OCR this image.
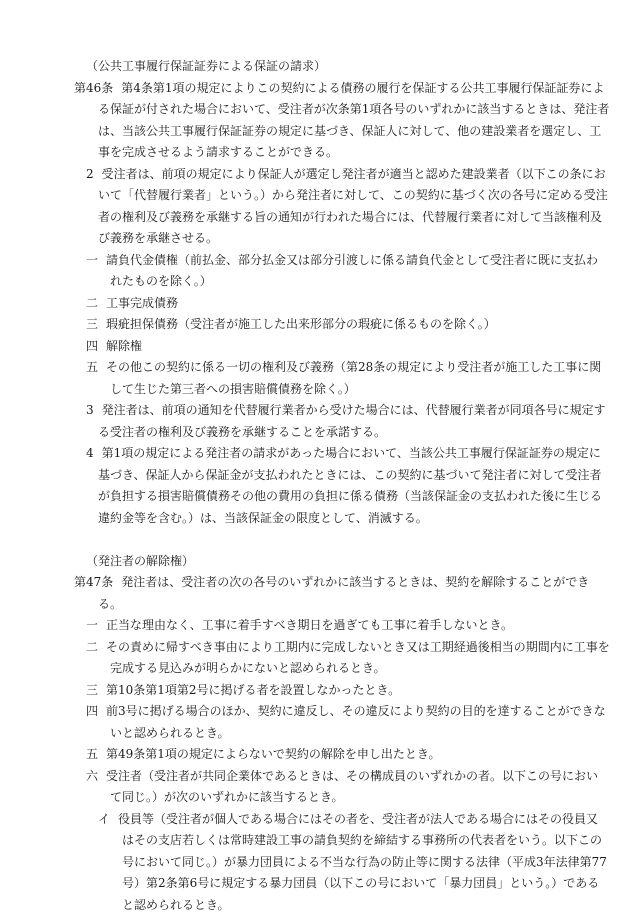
（公共工事履行保証証券による保証の請求）

第46条 第4条第1項の規定によりこの契約による債務の履行を保証する公共工事履行保証証券による保証が付された場合において、受注者が次条第1項各号のいずれかに該当するときは、発注者は、当該公共工事履行保証証券の規定に基づき、保証人に対して、他の建設業者を選定し、工事を完成させるよう請求することができる。

2 受注者は、前項の規定により保証人が選定し発注者が適当と認めた建設業者（以下この条において「代替履行業者」という。）から発注者に対して、この契約に基づく次の各号に定める受注者の権利及び義務を承継する旨の通知が行われた場合には、代替履行業者に対して当該権利及び義務を承継させる。

一 請負代金債権（前払金、部分払金又は部分引渡しに係る請負代金として受注者に既に支払われたものを除く。）

二 工事完成債務

三 瑕疵担保債務（受注者が施工した出来形部分の瑕疵に係るものを除く。）

四 解除権

五 その他この契約に係る一切の権利及び義務（第28条の規定により受注者が施工した工事に関して生じた第三者への損害賠償債務を除く。）

3 発注者は、前項の通知を代替履行業者から受けた場合には、代替履行業者が同項各号に規定する受注者の権利及び義務を承継することを承諾する。

4 第1項の規定による発注者の請求があった場合において、当該公共工事履行保証証券の規定に基づき、保証人から保証金が支払われたときには、この契約に基づいて発注者に対して受注者が負担する損害賠償債務その他の費用の負担に係る債務（当該保証金の支払われた後に生じる違約金等を含む。）は、当該保証金の限度として、消滅する。

（発注者の解除権）

第47条 発注者は、受注者の次の各号のいずれかに該当するときは、契約を解除することができる。

一 正当な理由なく、工事に着手すべき期日を過ぎても工事に着手しないとき。

二 その責めに帰すべき事由により工期内に完成しないとき又は工期経過後相当の期間内に工事を完成する見込みが明らかにないと認められるとき。

三 第10条第1項第2号に掲げる者を設置しなかったとき。

四 前3号に掲げる場合のほか、契約に違反し、その違反により契約の目的を達することができないと認められるとき。

五 第49条第1項の規定によらないで契約の解除を申し出たとき。

六 受注者（受注者が共同企業体であるときは、その構成員のいずれかの者。以下この号において同じ。）が次のいずれかに該当するとき。

イ 役員等（受注者が個人である場合にはその者を、受注者が法人である場合にはその役員又はその支店若しくは常時建設工事の請負契約を締結する事務所の代表者をいう。以下この号において同じ。）が暴力団員による不当な行為の防止等に関する法律（平成3年法律第77号）第2条第6号に規定する暴力団員（以下この号において「暴力団員」という。）であると認められるとき。
